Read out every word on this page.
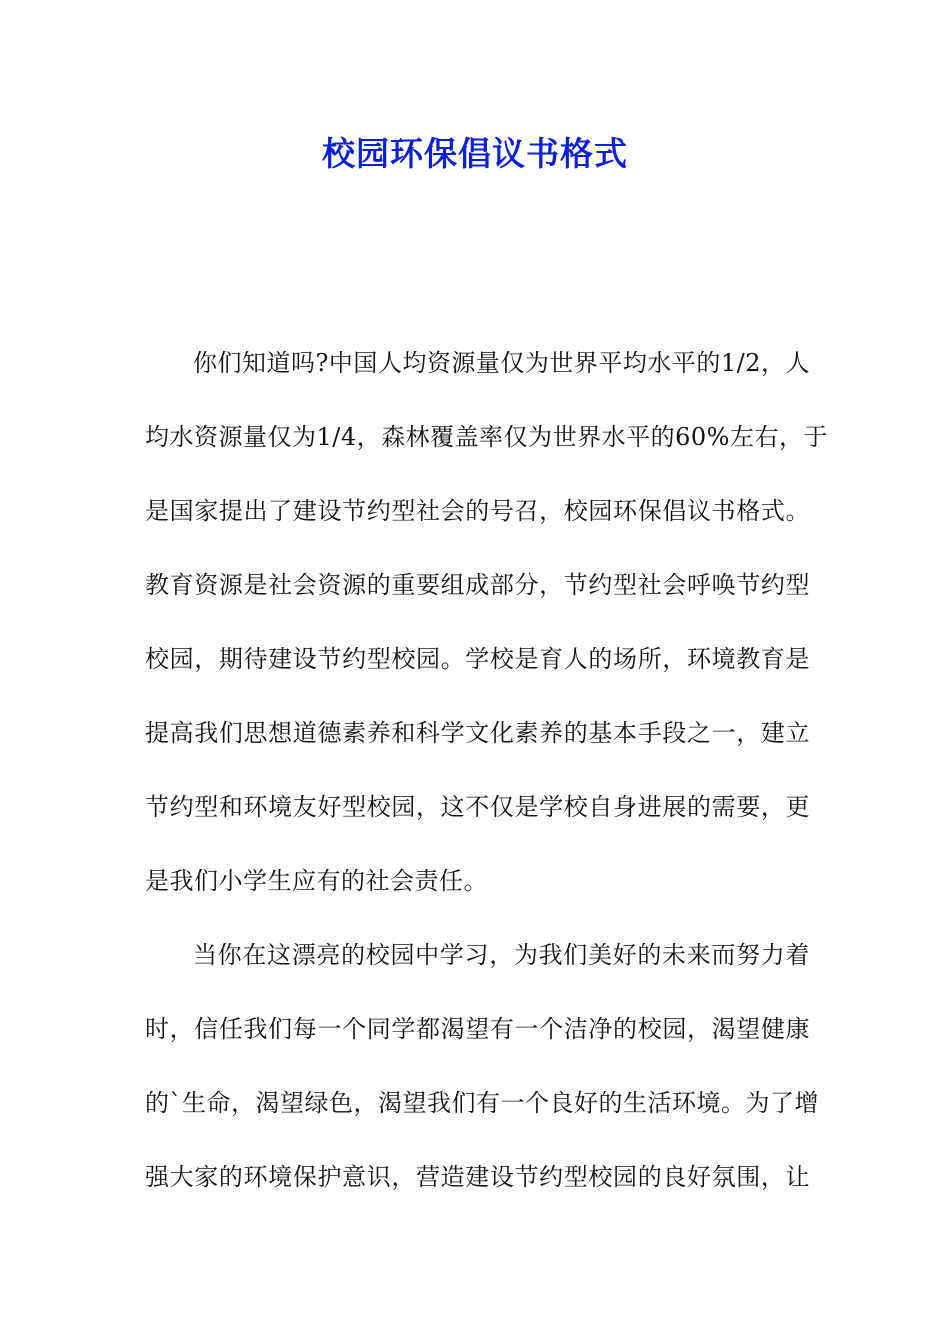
校园环保倡议书格式
你们知道吗?中国人均资源量仅为世界平均水平的1/2，人
均水资源量仅为1/4，森林覆盖率仅为世界水平的60%左右，于
是国家提出了建设节约型社会的号召，校园环保倡议书格式。
教育资源是社会资源的重要组成部分，节约型社会呼唤节约型
校园，期待建设节约型校园。学校是育人的场所，环境教育是
提高我们思想道德素养和科学文化素养的基本手段之一，建立
节约型和环境友好型校园，这不仅是学校自身进展的需要，更
是我们小学生应有的社会责任。
当你在这漂亮的校园中学习，为我们美好的未来而努力着
时，信任我们每一个同学都渴望有一个洁净的校园，渴望健康
的`生命，渴望绿色，渴望我们有一个良好的生活环境。为了增
强大家的环境保护意识，营造建设节约型校园的良好氛围，让
